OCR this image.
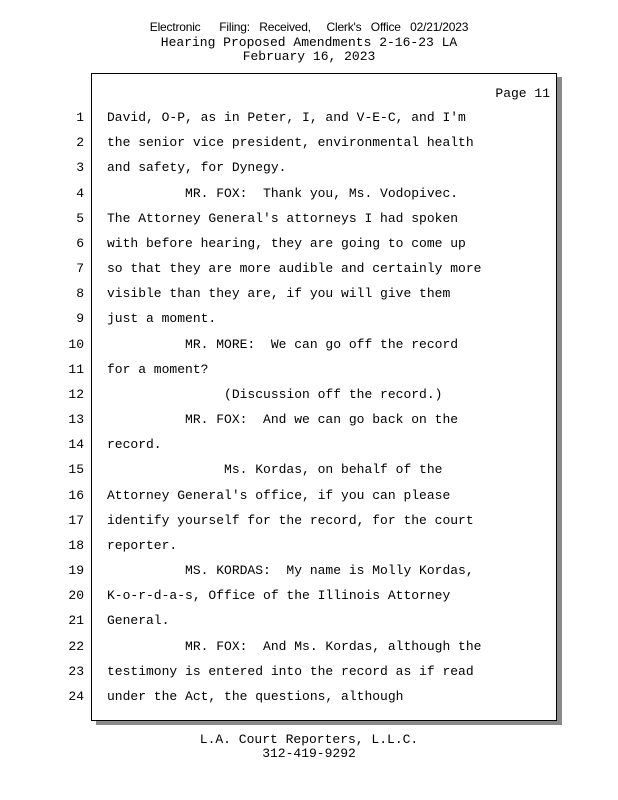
Electronic      Filing:   Received,     Clerk's   Office   02/21/2023
Hearing Proposed Amendments 2-16-23 LA
February 16, 2023
Page 11
1 David, O-P, as in Peter, I, and V-E-C, and I'm
2 the senior vice president, environmental health
3 and safety, for Dynegy.
4 MR. FOX:  Thank you, Ms. Vodopivec.
5 The Attorney General's attorneys I had spoken
6 with before hearing, they are going to come up
7 so that they are more audible and certainly more
8 visible than they are, if you will give them
9 just a moment.
10 MR. MORE:  We can go off the record
11 for a moment?
12 (Discussion off the record.)
13 MR. FOX:  And we can go back on the
14 record.
15 Ms. Kordas, on behalf of the
16 Attorney General's office, if you can please
17 identify yourself for the record, for the court
18 reporter.
19 MS. KORDAS:  My name is Molly Kordas,
20 K-o-r-d-a-s, Office of the Illinois Attorney
21 General.
22 MR. FOX:  And Ms. Kordas, although the
23 testimony is entered into the record as if read
24 under the Act, the questions, although
L.A. Court Reporters, L.L.C.
312-419-9292
